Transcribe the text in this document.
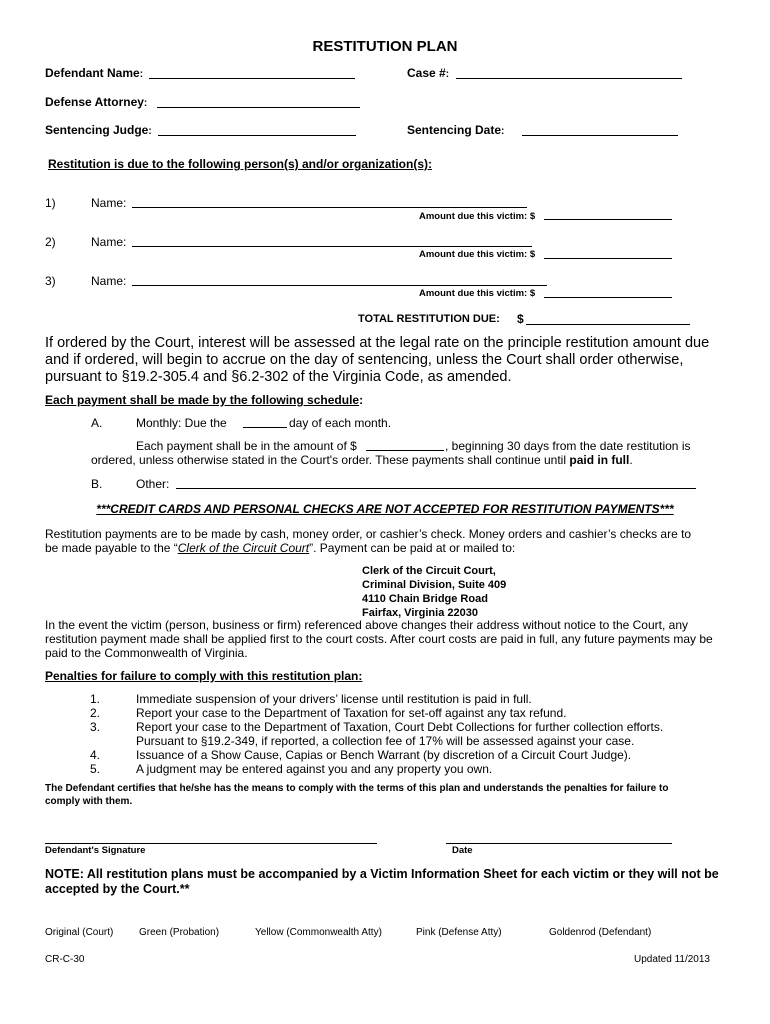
RESTITUTION PLAN
Defendant Name:	Case #:
Defense Attorney:
Sentencing Judge:	Sentencing Date:
Restitution is due to the following person(s) and/or organization(s):
1)	Name:
Amount due this victim: $
2)	Name:
Amount due this victim: $
3)	Name:
Amount due this victim: $
TOTAL RESTITUTION DUE: $
If ordered by the Court, interest will be assessed at the legal rate on the principle restitution amount due and if ordered, will begin to accrue on the day of sentencing, unless the Court shall order otherwise, pursuant to §19.2-305.4 and §6.2-302 of the Virginia Code, as amended.
Each payment shall be made by the following schedule:
A.	Monthly: Due the	day of each month.
Each payment shall be in the amount of $	, beginning 30 days from the date restitution is
ordered, unless otherwise stated in the Court's order. These payments shall continue until paid in full.
B.	Other:
***CREDIT CARDS AND PERSONAL CHECKS ARE NOT ACCEPTED FOR RESTITUTION PAYMENTS***
Restitution payments are to be made by cash, money order, or cashier’s check. Money orders and cashier’s checks are to
be made payable to the “Clerk of the Circuit Court”. Payment can be paid at or mailed to:
Clerk of the Circuit Court,
Criminal Division, Suite 409
4110 Chain Bridge Road
Fairfax, Virginia 22030
In the event the victim (person, business or firm) referenced above changes their address without notice to the Court, any
restitution payment made shall be applied first to the court costs. After court costs are paid in full, any future payments may be
paid to the Commonwealth of Virginia.
Penalties for failure to comply with this restitution plan:
1.	Immediate suspension of your drivers’ license until restitution is paid in full.
2.	Report your case to the Department of Taxation for set-off against any tax refund.
3.	Report your case to the Department of Taxation, Court Debt Collections for further collection efforts.
Pursuant to §19.2-349, if reported, a collection fee of 17% will be assessed against your case.
4.	Issuance of a Show Cause, Capias or Bench Warrant (by discretion of a Circuit Court Judge).
5.	A judgment may be entered against you and any property you own.
The Defendant certifies that he/she has the means to comply with the terms of this plan and understands the penalties for failure to
comply with them.
Defendant's Signature	Date
NOTE: All restitution plans must be accompanied by a Victim Information Sheet for each victim or they will not be
accepted by the Court.**
Original (Court)	Green (Probation)	Yellow (Commonwealth Atty)	Pink (Defense Atty)	Goldenrod (Defendant)
CR-C-30	Updated 11/2013
